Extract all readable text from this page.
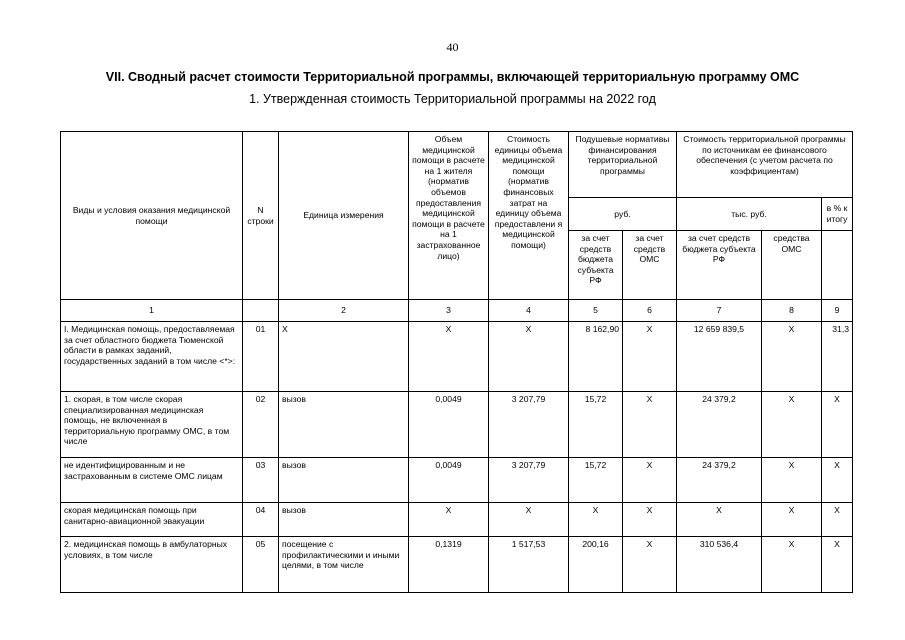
40
VII. Сводный расчет стоимости Территориальной программы, включающей территориальную программу ОМС
1. Утвержденная стоимость Территориальной программы на 2022 год
Виды и условия оказания медицинской помощи	N строки	Единица измерения	Объем медицинской помощи в расчете на 1 жителя (норматив объемов предоставления медицинской помощи в расчете на 1 застрахованное лицо)	Стоимость единицы объема медицинской помощи (норматив финансовых затрат на единицу объема предоставлени я медицинской помощи)	Подушевые нормативы финансирования территориальной программы		Стоимость территориальной программы по источникам ее финансового обеспечения (с учетом расчета по коэффициентам)		
					руб.		тыс. руб.		в % к итогу
					за счет средств бюджета субъекта РФ	за счет средств ОМС	за счет средств бюджета субъекта РФ	средства ОМС	
1		2	3	4	5	6	7	8	9
I. Медицинская помощь, предоставляемая за счет областного бюджета Тюменской области в рамках заданий, государственных заданий в том числе <*>:	01	X	X	X	8 162,90	X	12 659 839,5	X	31,3
1. скорая, в том числе скорая специализированная медицинская помощь, не включенная в территориальную программу ОМС, в том числе	02	вызов	0,0049	3 207,79	15,72	X	24 379,2	X	X
не идентифицированным и не застрахованным в системе ОМС лицам	03	вызов	0,0049	3 207,79	15,72	X	24 379,2	X	X
скорая медицинская помощь при санитарно-авиационной эвакуации	04	вызов	X	X	X	X	X	X	X
2. медицинская помощь в амбулаторных условиях, в том числе	05	посещение с профилактическими и иными целями, в том числе	0,1319	1 517,53	200,16	X	310 536,4	X	X
